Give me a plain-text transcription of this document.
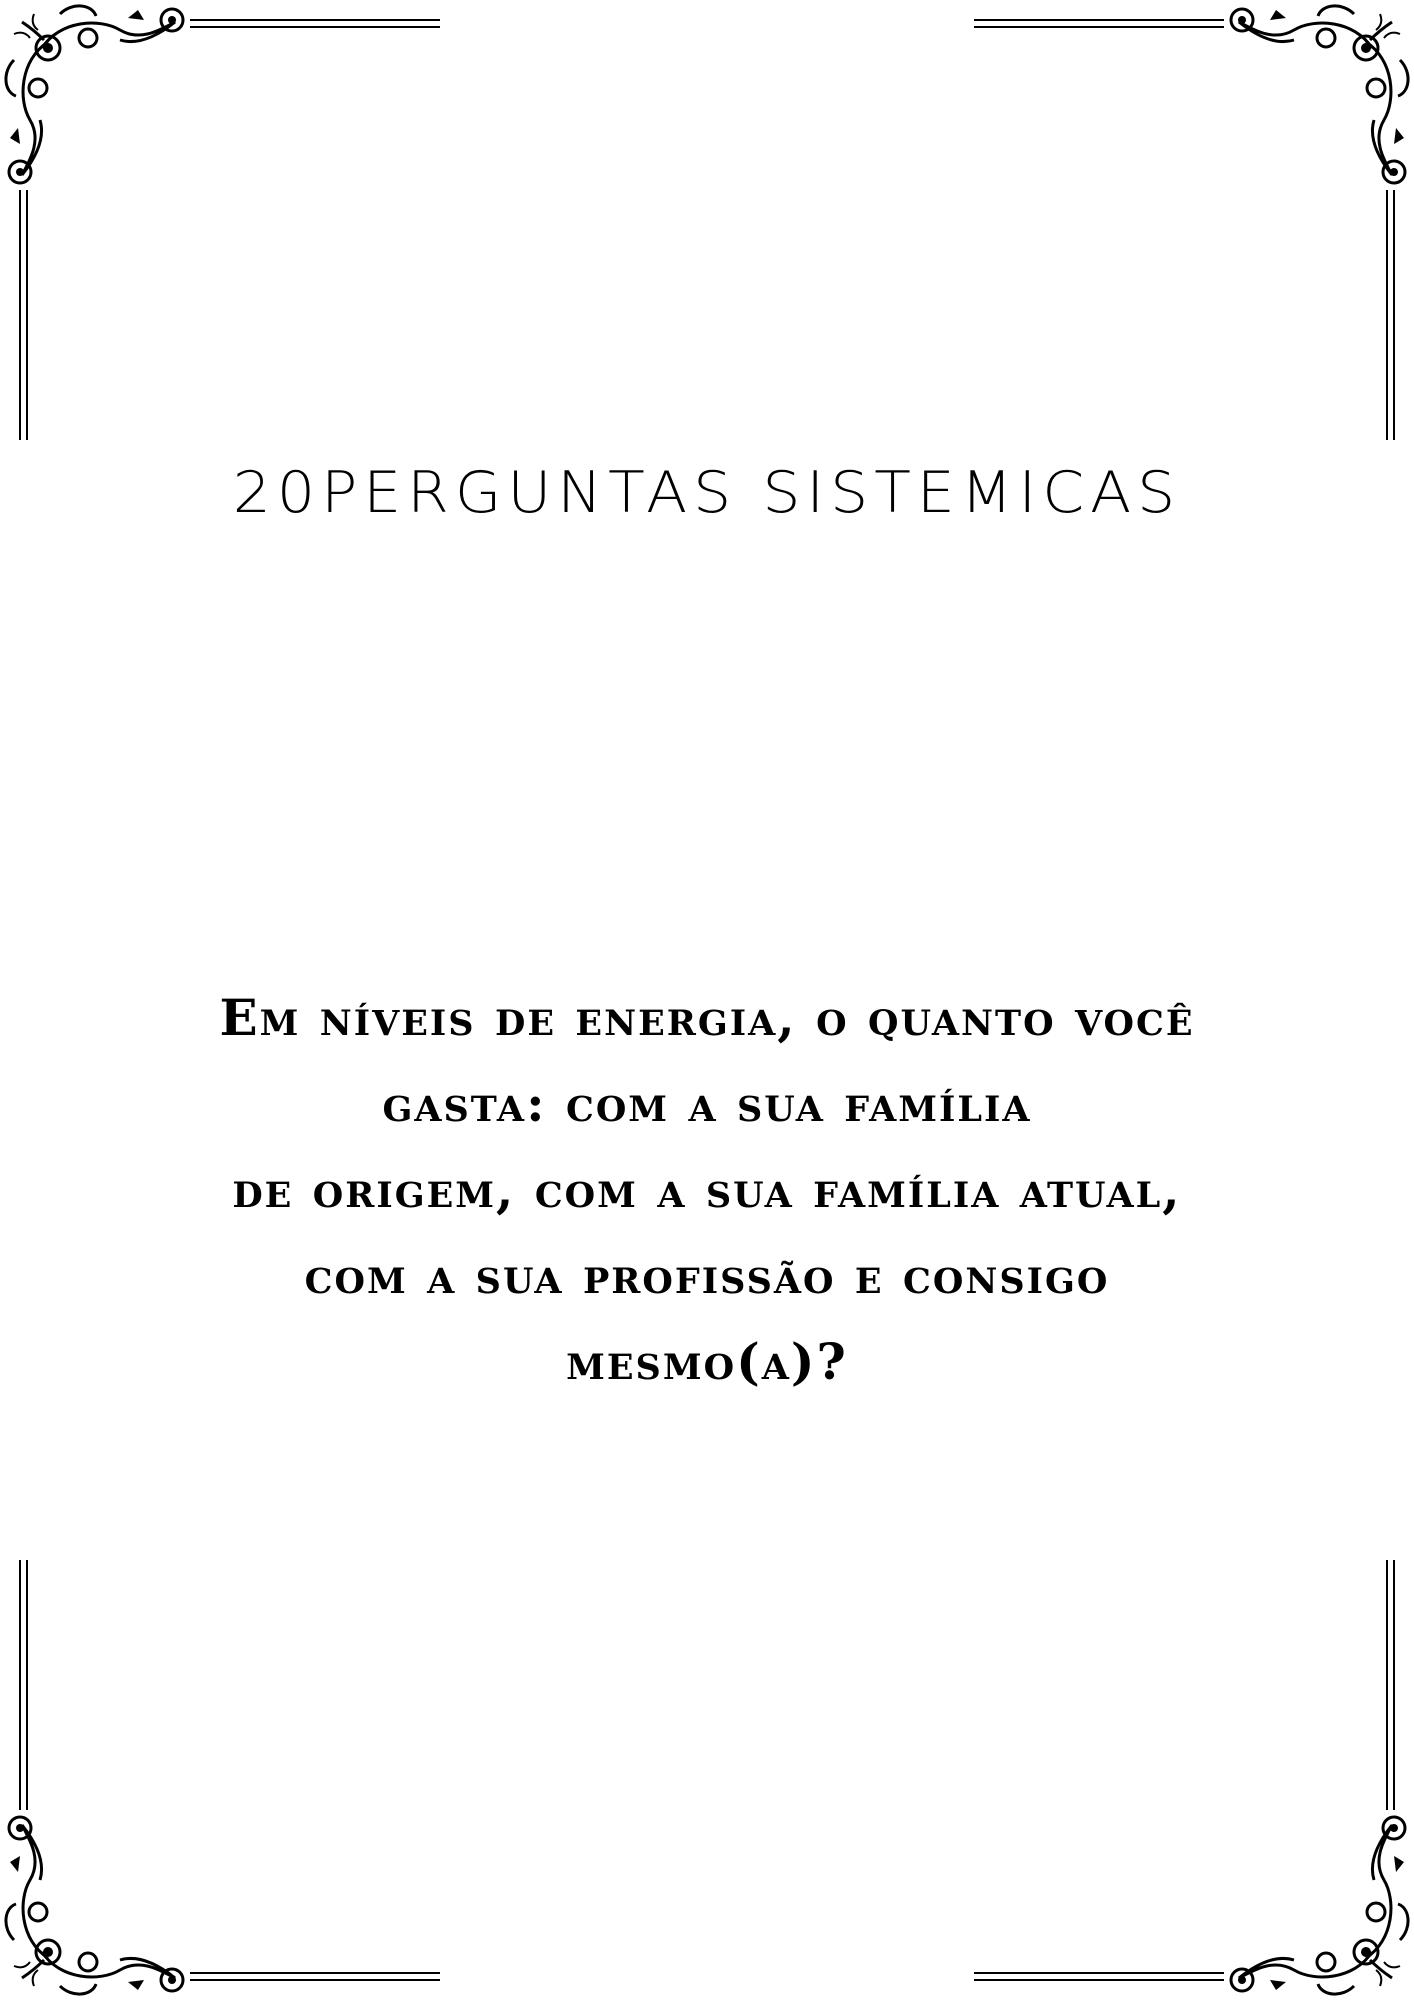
20PERGUNTAS SISTEMICAS
Em níveis de energia, o quanto você
gasta: com a sua família
de origem, com a sua família atual,
com a sua profissão e consigo
mesmo(a)?
